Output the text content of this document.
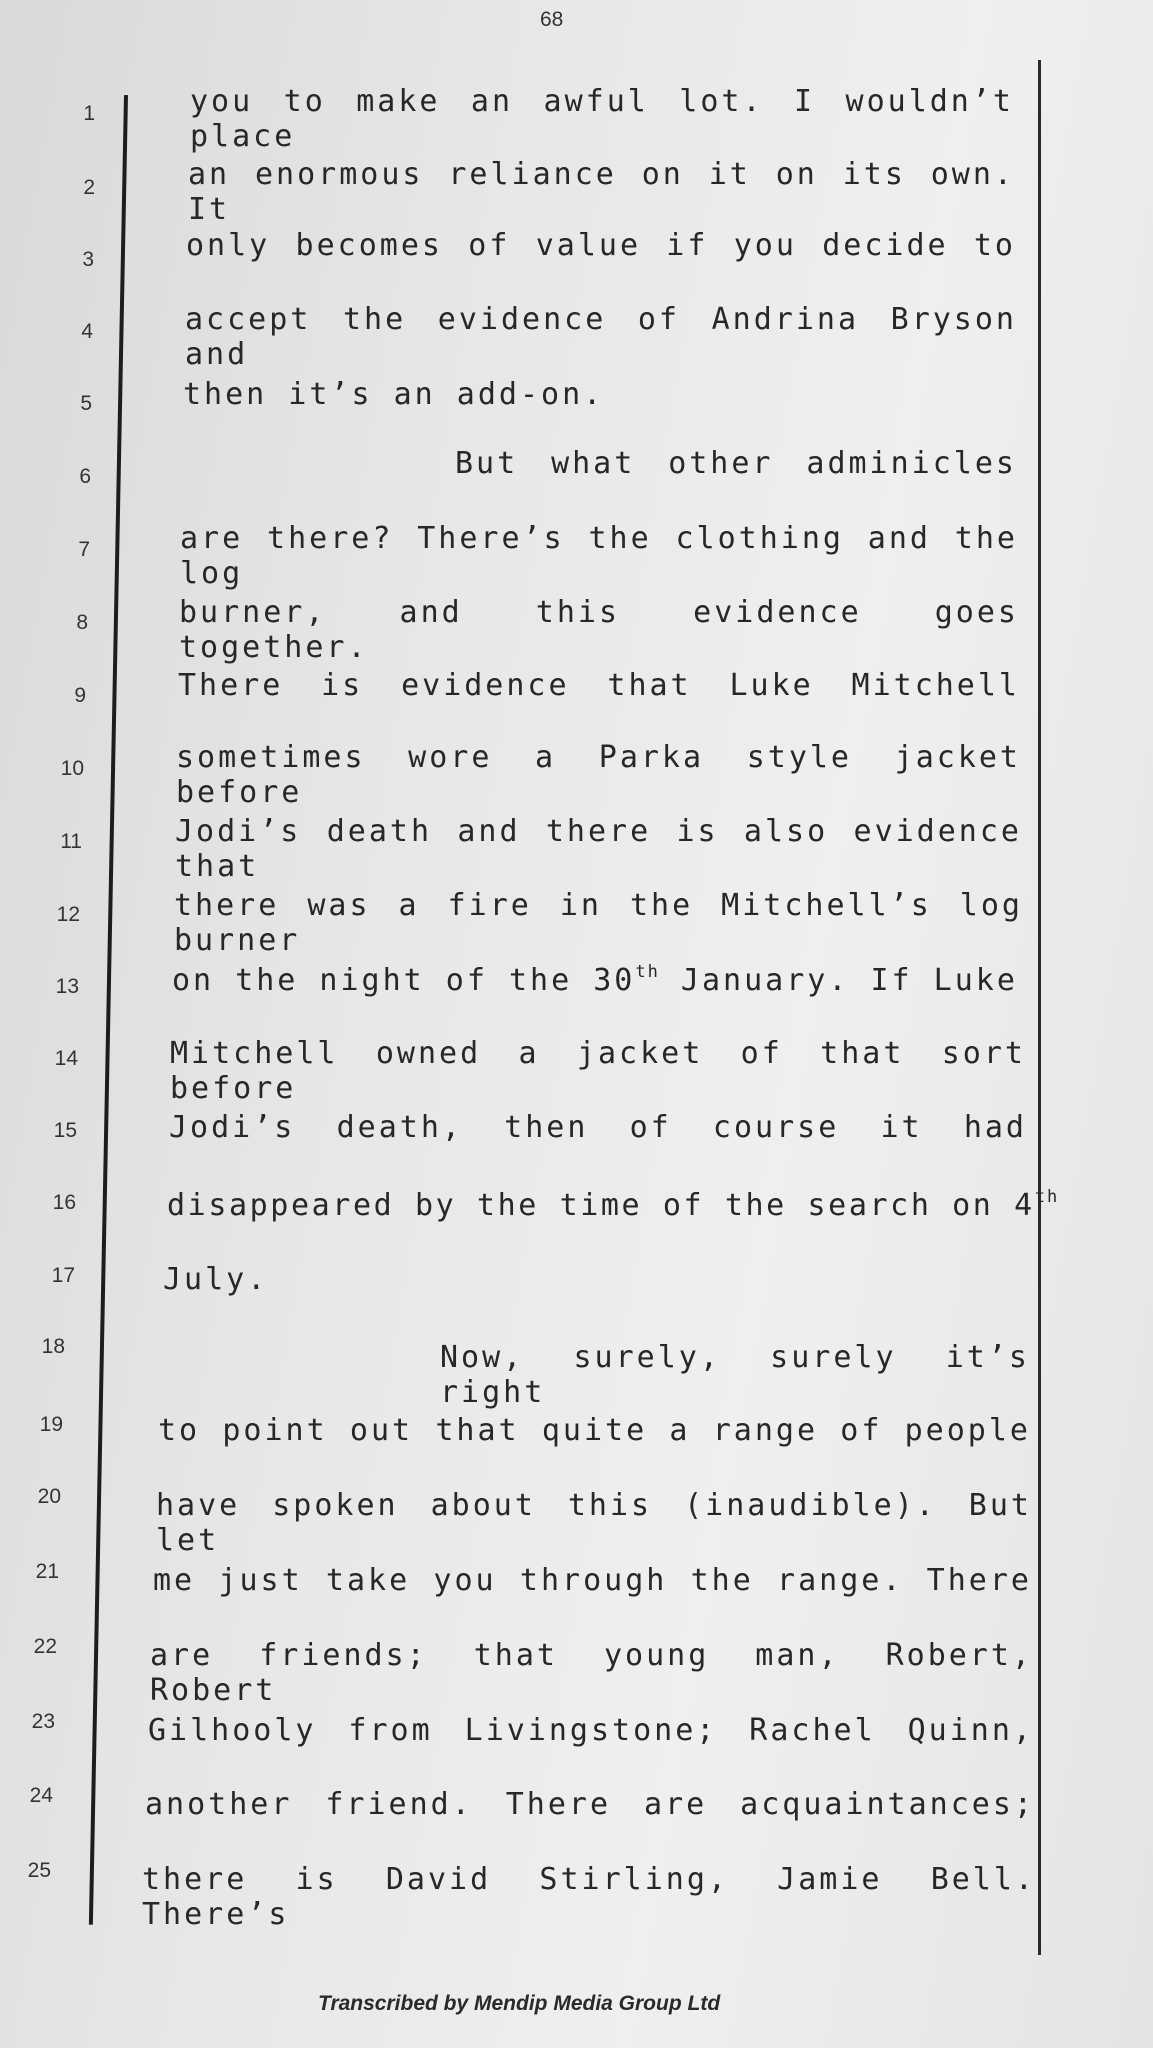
68
1
2
3
4
5
6
7
8
9
10
11
12
13
14
15
16
17
18
19
20
21
22
23
24
25
you to make an awful lot. I wouldn’t place
an enormous reliance on it on its own. It
only becomes of value if you decide to
accept the evidence of Andrina Bryson and
then it’s an add-on.
But what other adminicles
are there? There’s the clothing and the log
burner, and this evidence goes together.
There is evidence that Luke Mitchell
sometimes wore a Parka style jacket before
Jodi’s death and there is also evidence that
there was a fire in the Mitchell’s log burner
on the night of the 30th January. If Luke
Mitchell owned a jacket of that sort before
Jodi’s death, then of course it had
disappeared by the time of the search on 4th
July.
Now, surely, surely it’s right
to point out that quite a range of people
have spoken about this (inaudible). But let
me just take you through the range. There
are friends; that young man, Robert, Robert
Gilhooly from Livingstone; Rachel Quinn,
another friend. There are acquaintances;
there is David Stirling, Jamie Bell. There’s
Transcribed by Mendip Media Group Ltd
